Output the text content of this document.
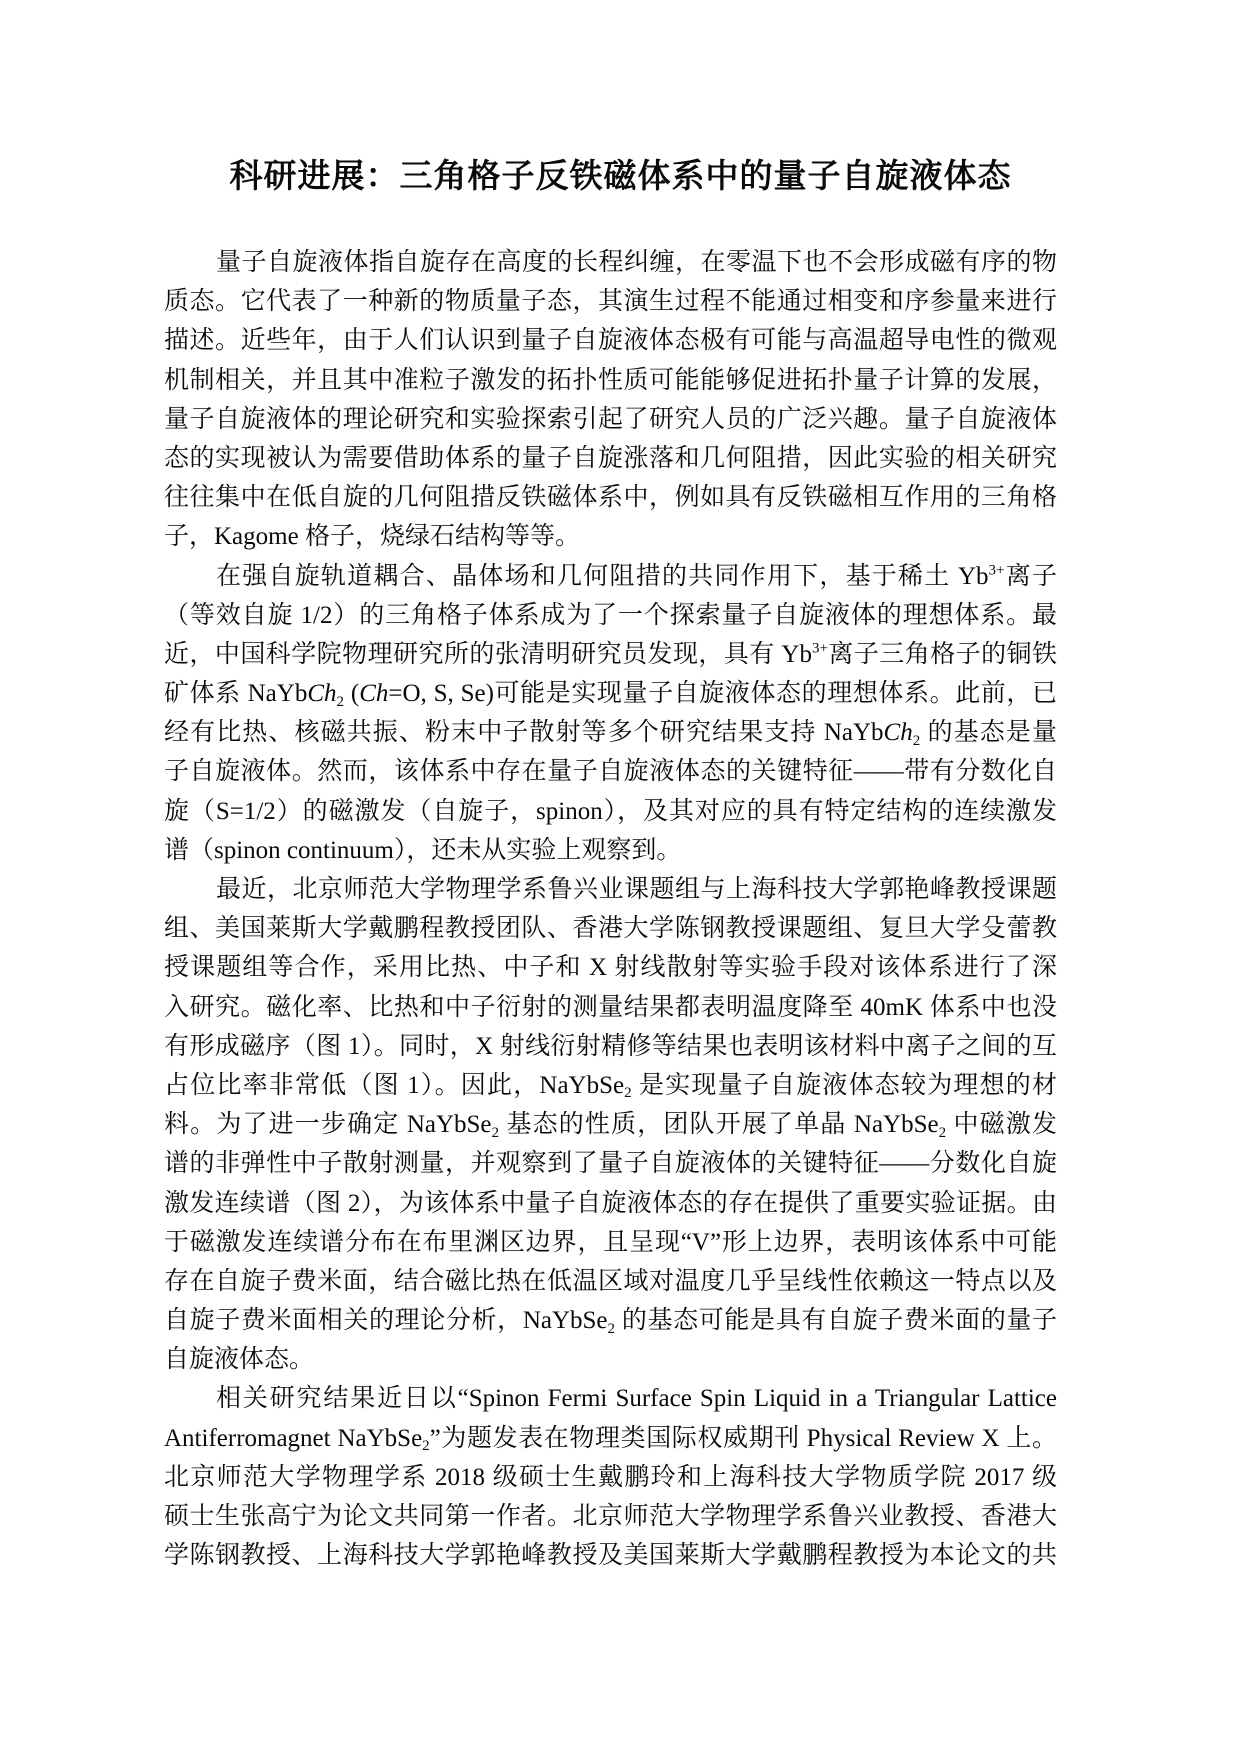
科研进展：三角格子反铁磁体系中的量子自旋液体态
量子自旋液体指自旋存在高度的长程纠缠，在零温下也不会形成磁有序的物
质态。它代表了一种新的物质量子态，其演生过程不能通过相变和序参量来进行
描述。近些年，由于人们认识到量子自旋液体态极有可能与高温超导电性的微观
机制相关，并且其中准粒子激发的拓扑性质可能能够促进拓扑量子计算的发展，
量子自旋液体的理论研究和实验探索引起了研究人员的广泛兴趣。量子自旋液体
态的实现被认为需要借助体系的量子自旋涨落和几何阻措，因此实验的相关研究
往往集中在低自旋的几何阻措反铁磁体系中，例如具有反铁磁相互作用的三角格
子，Kagome 格子，烧绿石结构等等。
在强自旋轨道耦合、晶体场和几何阻措的共同作用下，基于稀土 $Yb^{3+}$离子
（等效自旋 1/2）的三角格子体系成为了一个探索量子自旋液体的理想体系。最
近，中国科学院物理研究所的张清明研究员发现，具有 $Yb^{3+}$离子三角格子的铜铁
矿体系 NaYbCh$_2$ (Ch=O, S, Se)可能是实现量子自旋液体态的理想体系。此前，已
经有比热、核磁共振、粉末中子散射等多个研究结果支持 NaYbCh$_2$ 的基态是量
子自旋液体。然而，该体系中存在量子自旋液体态的关键特征——带有分数化自
旋（S=1/2）的磁激发（自旋子，spinon），及其对应的具有特定结构的连续激发
谱（spinon continuum），还未从实验上观察到。
最近，北京师范大学物理学系鲁兴业课题组与上海科技大学郭艳峰教授课题
组、美国莱斯大学戴鹏程教授团队、香港大学陈钢教授课题组、复旦大学殳蕾教
授课题组等合作，采用比热、中子和 X 射线散射等实验手段对该体系进行了深
入研究。磁化率、比热和中子衍射的测量结果都表明温度降至 40mK 体系中也没
有形成磁序（图 1）。同时，X 射线衍射精修等结果也表明该材料中离子之间的互
占位比率非常低（图 1）。因此，NaYbSe$_2$ 是实现量子自旋液体态较为理想的材
料。为了进一步确定 NaYbSe$_2$ 基态的性质，团队开展了单晶 NaYbSe$_2$ 中磁激发
谱的非弹性中子散射测量，并观察到了量子自旋液体的关键特征——分数化自旋
激发连续谱（图 2），为该体系中量子自旋液体态的存在提供了重要实验证据。由
于磁激发连续谱分布在布里渊区边界，且呈现“V”形上边界，表明该体系中可能
存在自旋子费米面，结合磁比热在低温区域对温度几乎呈线性依赖这一特点以及
自旋子费米面相关的理论分析，NaYbSe$_2$ 的基态可能是具有自旋子费米面的量子
自旋液体态。
相关研究结果近日以“Spinon Fermi Surface Spin Liquid in a Triangular Lattice
Antiferromagnet NaYbSe$_2$”为题发表在物理类国际权威期刊 Physical Review X 上。
北京师范大学物理学系 2018 级硕士生戴鹏玲和上海科技大学物质学院 2017 级
硕士生张高宁为论文共同第一作者。北京师范大学物理学系鲁兴业教授、香港大
学陈钢教授、上海科技大学郭艳峰教授及美国莱斯大学戴鹏程教授为本论文的共
